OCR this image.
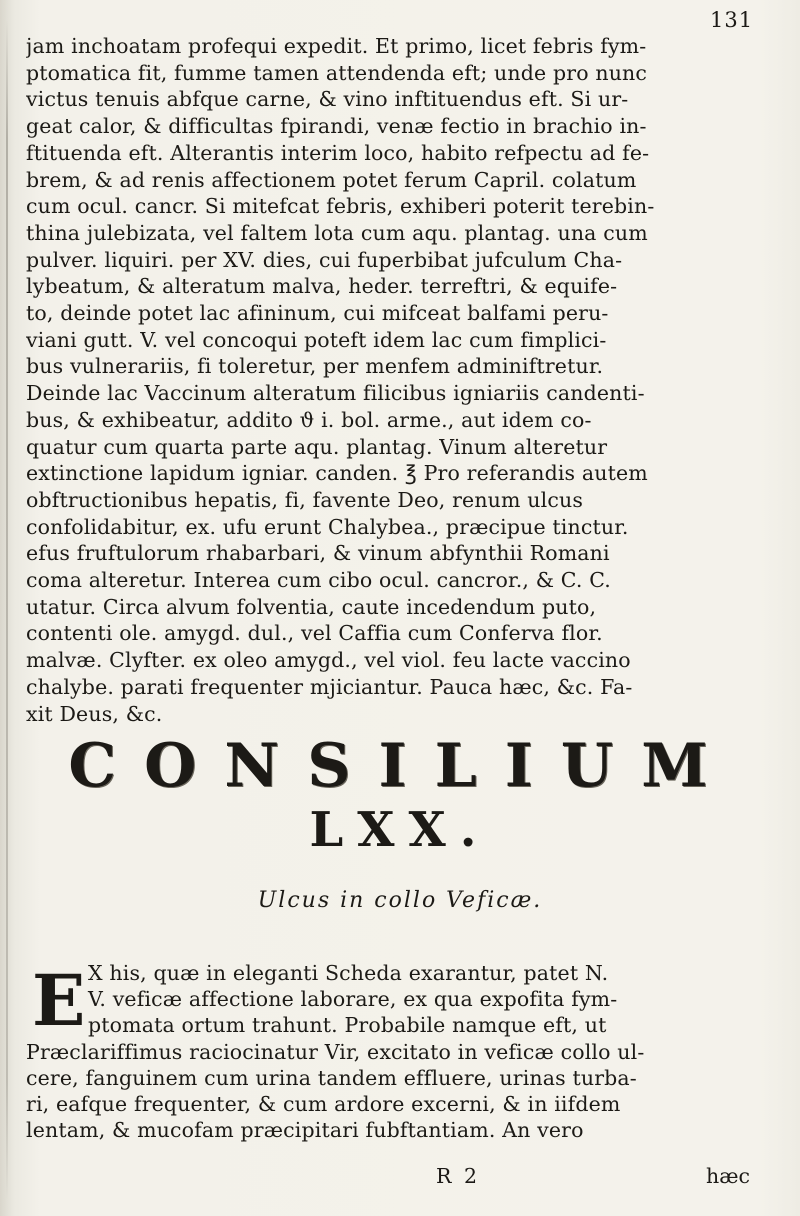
131
jam inchoatam profequi expedit. Et primo, licet febris fym-
ptomatica fit, fumme tamen attendenda eft; unde pro nunc
victus tenuis abfque carne, & vino inftituendus eft. Si ur-
geat calor, & difficultas fpirandi, venæ fectio in brachio in-
ftituenda eft. Alterantis interim loco, habito refpectu ad fe-
brem, & ad renis affectionem potet ferum Capril. colatum
cum ocul. cancr. Si mitefcat febris, exhiberi poterit terebin-
thina julebizata, vel faltem lota cum aqu. plantag. una cum
pulver. liquiri. per XV. dies, cui fuperbibat jufculum Cha-
lybeatum, & alteratum malva, heder. terreftri, & equife-
to, deinde potet lac afininum, cui mifceat balfami peru-
viani gutt. V. vel concoqui poteft idem lac cum fimplici-
bus vulnerariis, fi toleretur, per menfem adminiftretur.
Deinde lac Vaccinum alteratum filicibus igniariis candenti-
bus, & exhibeatur, addito ϑ i. bol. arme., aut idem co-
quatur cum quarta parte aqu. plantag. Vinum alteretur
extinctione lapidum igniar. canden. ℥ Pro referandis autem
obftructionibus hepatis, fi, favente Deo, renum ulcus
confolidabitur, ex. ufu erunt Chalybea., præcipue tinctur.
efus fruftulorum rhabarbari, & vinum abfynthii Romani
coma alteretur. Interea cum cibo ocul. cancror., & C. C.
utatur. Circa alvum folventia, caute incedendum puto,
contenti ole. amygd. dul., vel Caffia cum Conferva flor.
malvæ. Clyfter. ex oleo amygd., vel viol. feu lacte vaccino
chalybe. parati frequenter mjiciantur. Pauca hæc, &c. Fa-
xit Deus, &c.
CONSILIUM
LXX.
Ulcus in collo Veficæ.
E X his, quæ in eleganti Scheda exarantur, patet N.
V. veficæ affectione laborare, ex qua expofita fym-
ptomata ortum trahunt. Probabile namque eft, ut
Præclariffimus raciocinatur Vir, excitato in veficæ collo ul-
cere, fanguinem cum urina tandem effluere, urinas turba-
ri, eafque frequenter, & cum ardore excerni, & in iifdem
lentam, & mucofam præcipitari fubftantiam. An vero
R 2	hæc
